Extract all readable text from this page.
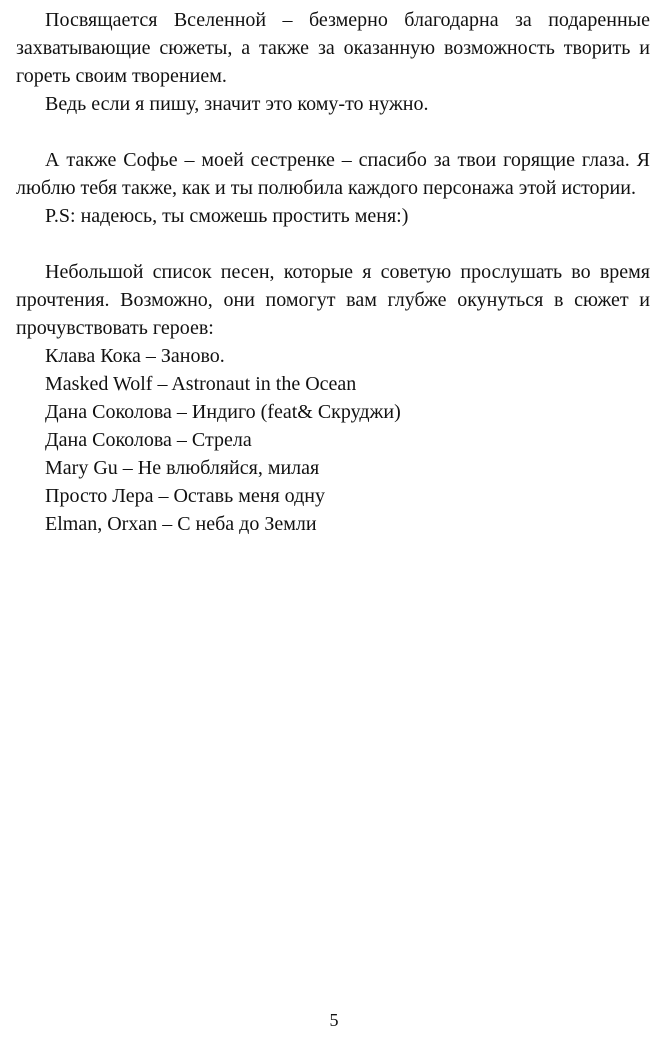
Посвящается Вселенной – безмерно благодарна за подаренные захватывающие сюжеты, а также за оказанную возможность творить и гореть своим творением.

Ведь если я пишу, значит это кому-то нужно.

А также Софье – моей сестренке – спасибо за твои горящие глаза. Я люблю тебя также, как и ты полюбила каждого персонажа этой истории.

P.S: надеюсь, ты сможешь простить меня:)

Небольшой список песен, которые я советую прослушать во время прочтения. Возможно, они помогут вам глубже окунуться в сюжет и прочувствовать героев:

Клава Кока – Заново.
Masked Wolf – Astronaut in the Ocean
Дана Соколова – Индиго (feat& Скруджи)
Дана Соколова – Стрела
Mary Gu – Не влюбляйся, милая
Просто Лера – Оставь меня одну
Elman, Orxan – С неба до Земли
5
